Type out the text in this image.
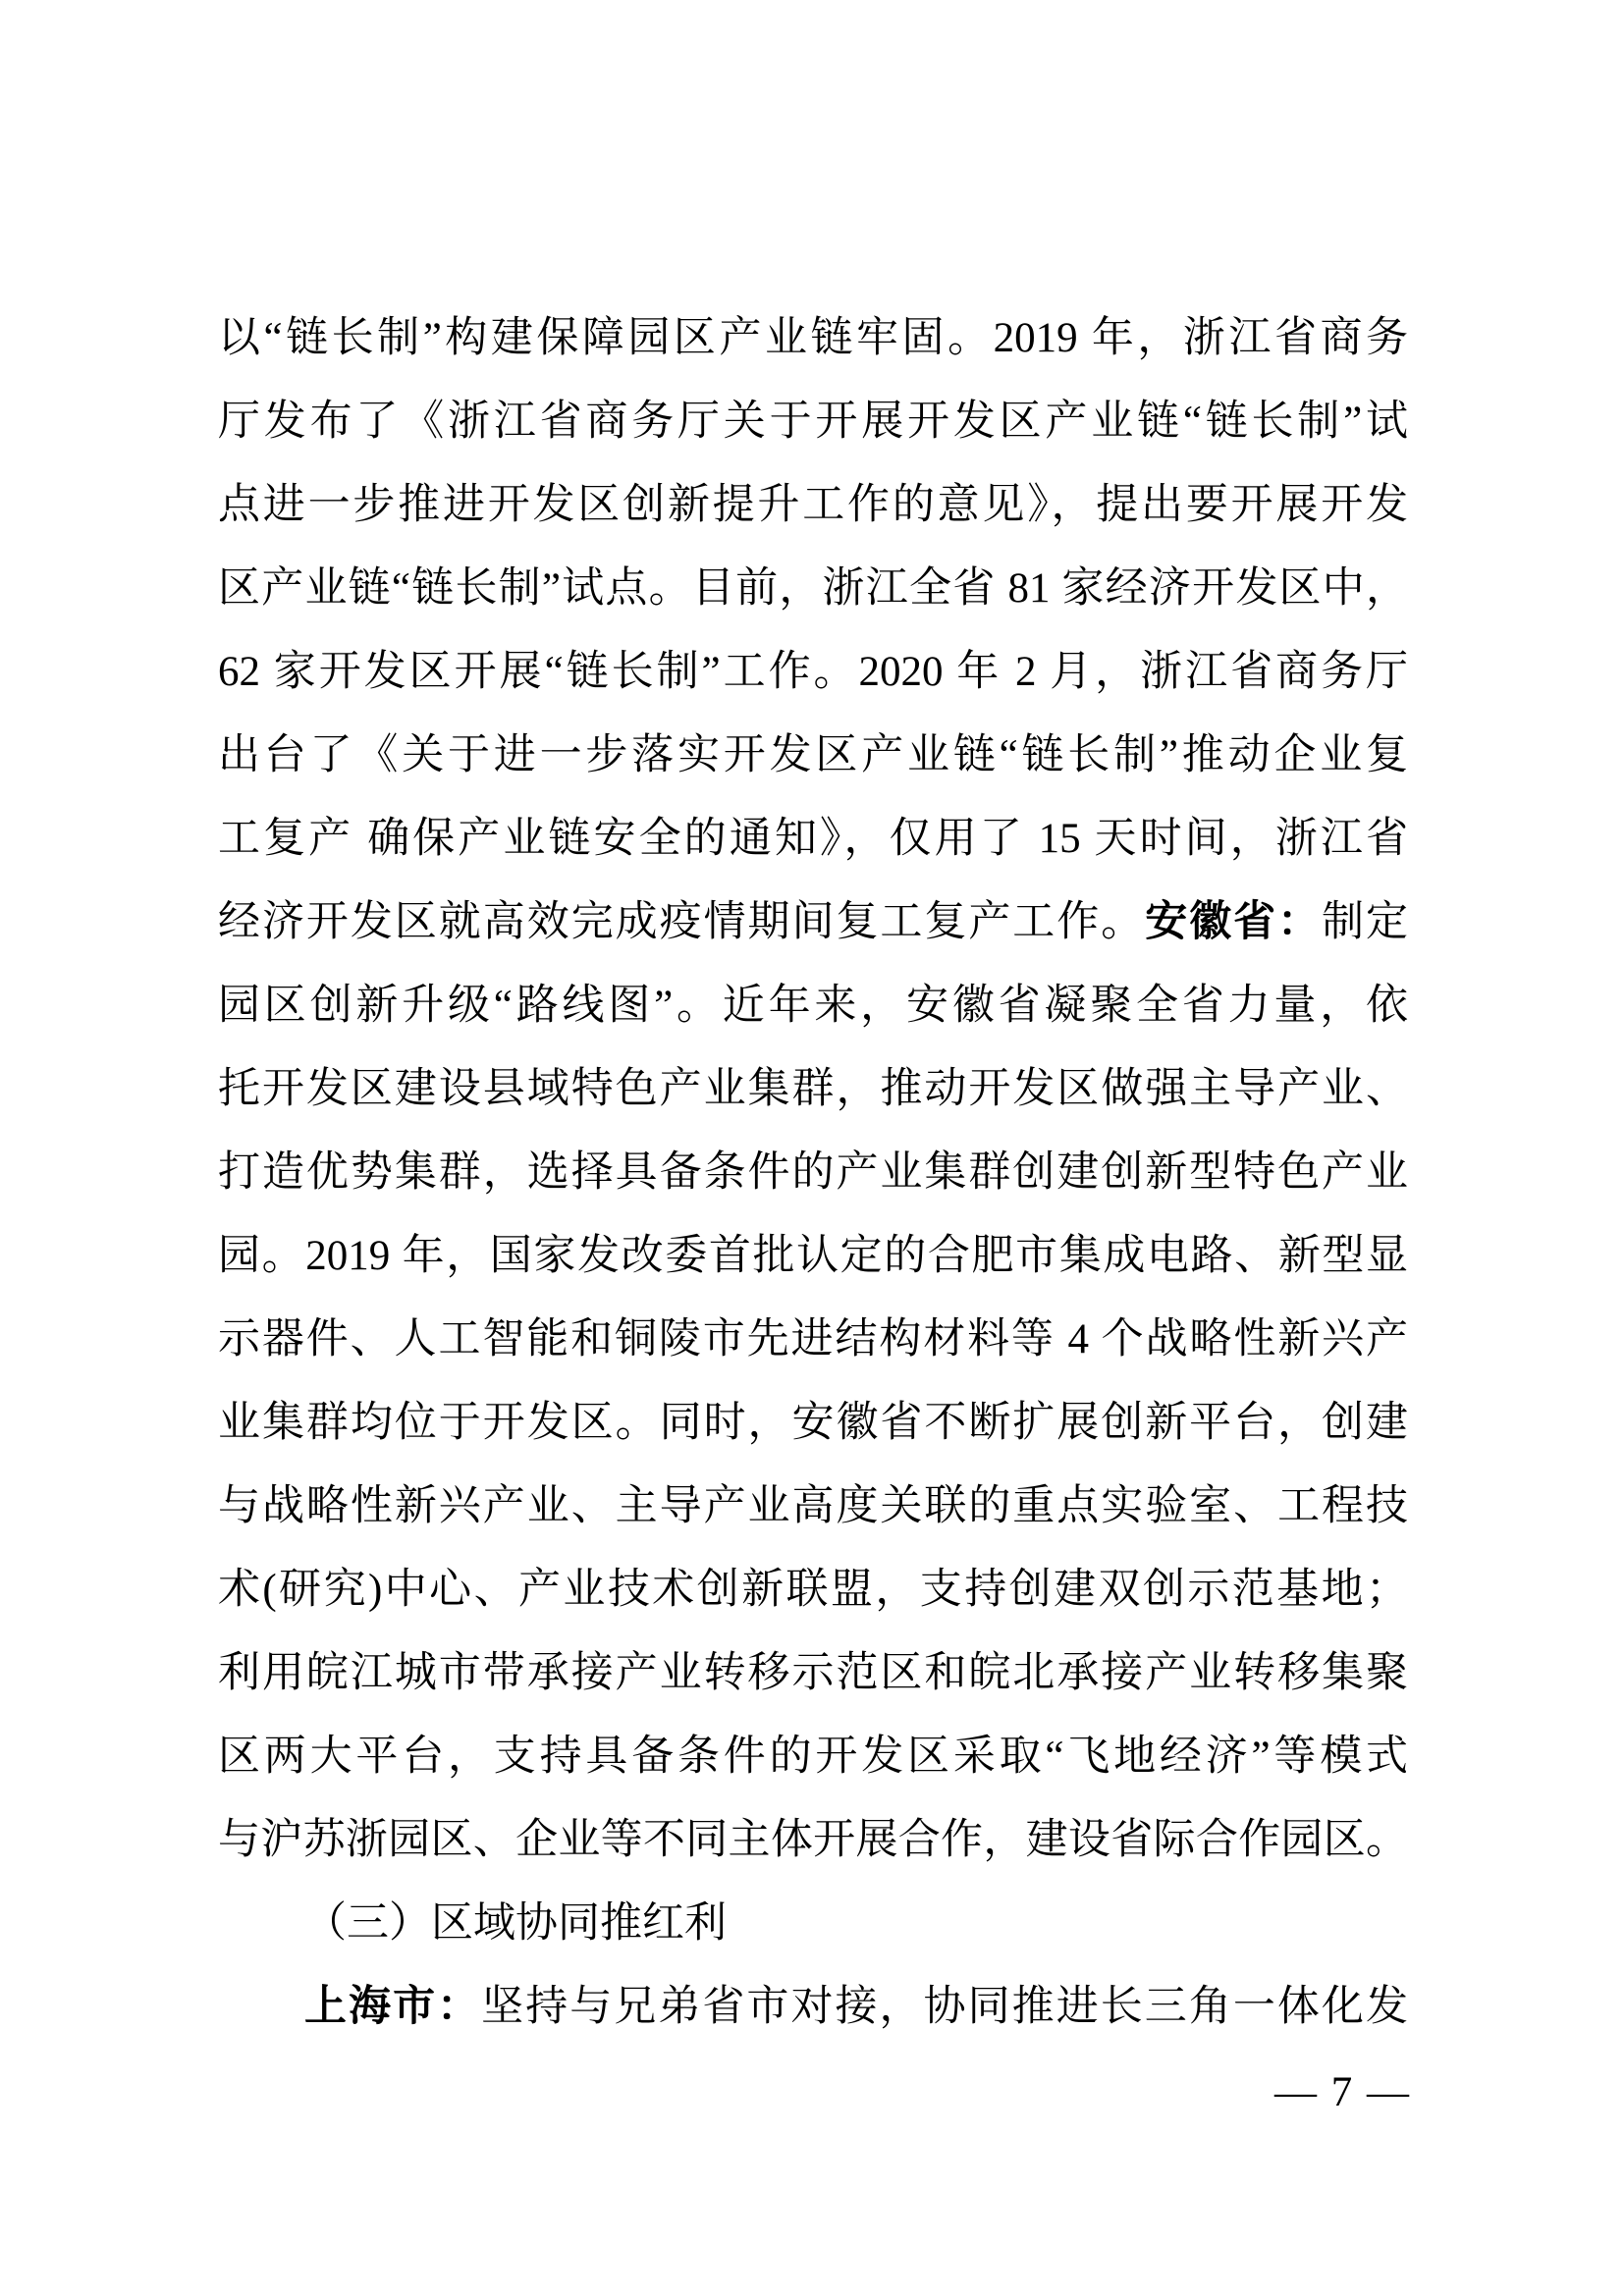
以“链长制”构建保障园区产业链牢固。2019 年，浙江省商务
厅发布了《浙江省商务厅关于开展开发区产业链“链长制”试
点进一步推进开发区创新提升工作的意见》，提出要开展开发
区产业链“链长制”试点。目前，浙江全省 81 家经济开发区中，
62 家开发区开展“链长制”工作。2020 年 2 月，浙江省商务厅
出台了《关于进一步落实开发区产业链“链长制”推动企业复
工复产 确保产业链安全的通知》，仅用了 15 天时间，浙江省
经济开发区就高效完成疫情期间复工复产工作。安徽省：制定
园区创新升级“路线图”。近年来，安徽省凝聚全省力量，依
托开发区建设县域特色产业集群，推动开发区做强主导产业、
打造优势集群，选择具备条件的产业集群创建创新型特色产业
园。2019 年，国家发改委首批认定的合肥市集成电路、新型显
示器件、人工智能和铜陵市先进结构材料等 4 个战略性新兴产
业集群均位于开发区。同时，安徽省不断扩展创新平台，创建
与战略性新兴产业、主导产业高度关联的重点实验室、工程技
术(研究)中心、产业技术创新联盟，支持创建双创示范基地；
利用皖江城市带承接产业转移示范区和皖北承接产业转移集聚
区两大平台，支持具备条件的开发区采取“飞地经济”等模式
与沪苏浙园区、企业等不同主体开展合作，建设省际合作园区。
（三）区域协同推红利
上海市：坚持与兄弟省市对接，协同推进长三角一体化发
— 7 —
